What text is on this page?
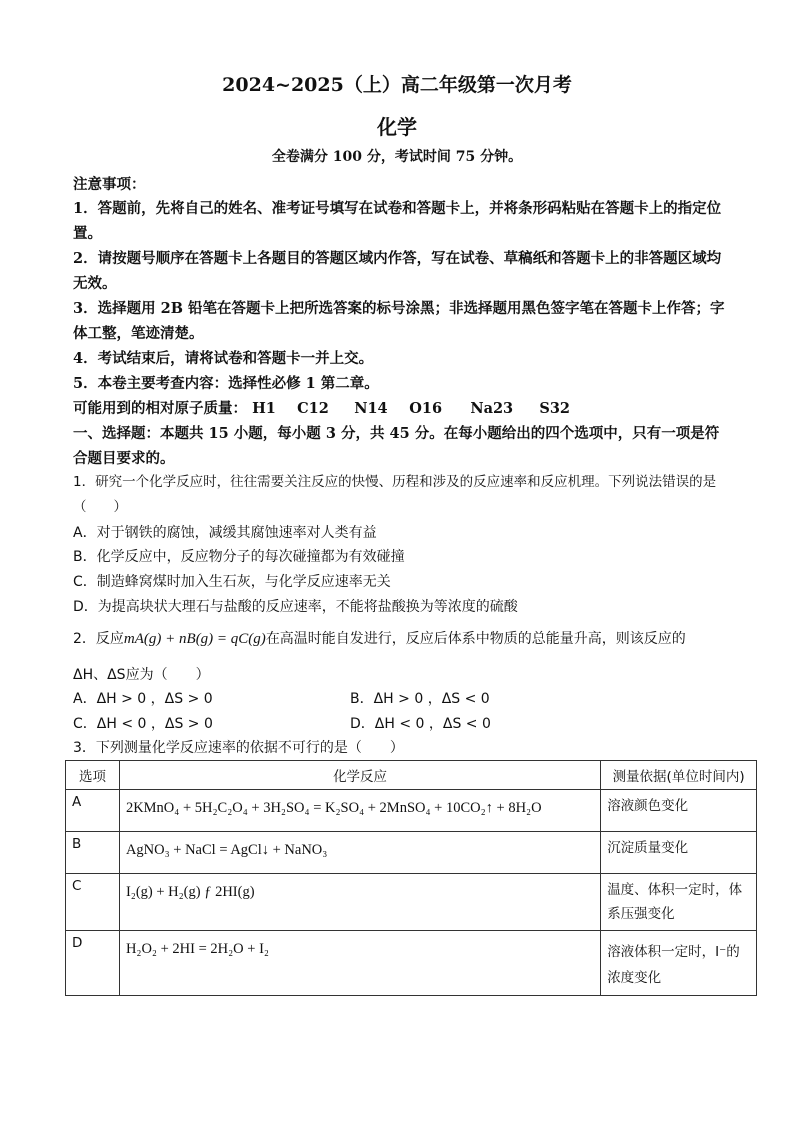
2024~2025（上）高二年级第一次月考
化学
全卷满分 100 分，考试时间 75 分钟。
注意事项：
1．答题前，先将自己的姓名、准考证号填写在试卷和答题卡上，并将条形码粘贴在答题卡上的指定位置。
2．请按题号顺序在答题卡上各题目的答题区域内作答，写在试卷、草稿纸和答题卡上的非答题区域均无效。
3．选择题用 2B 铅笔在答题卡上把所选答案的标号涂黑；非选择题用黑色签字笔在答题卡上作答；字体工整，笔迹清楚。
4．考试结束后，请将试卷和答题卡一并上交。
5．本卷主要考查内容：选择性必修 1 第二章。
可能用到的相对原子质量： H1 C12 N14 O16 Na23 S32
一、选择题：本题共 15 小题，每小题 3 分，共 45 分。在每小题给出的四个选项中，只有一项是符合题目要求的。
1．研究一个化学反应时，往往需要关注反应的快慢、历程和涉及的反应速率和反应机理。下列说法错误的是（　　）
A．对于钢铁的腐蚀，减缓其腐蚀速率对人类有益
B．化学反应中，反应物分子的每次碰撞都为有效碰撞
C．制造蜂窝煤时加入生石灰，与化学反应速率无关
D．为提高块状大理石与盐酸的反应速率，不能将盐酸换为等浓度的硫酸
2．反应mA(g) + nB(g) = qC(g)在高温时能自发进行，反应后体系中物质的总能量升高，则该反应的
ΔH、ΔS应为（　　）
A．ΔH > 0 ，ΔS > 0	B．ΔH > 0 ，ΔS < 0
C．ΔH < 0 ，ΔS > 0	D．ΔH < 0 ，ΔS < 0
3．下列测量化学反应速率的依据不可行的是（　　）
选项	化学反应	测量依据(单位时间内)
A	2KMnO₄ + 5H₂C₂O₄ + 3H₂SO₄ = K₂SO₄ + 2MnSO₄ + 10CO₂↑ + 8H₂O	溶液颜色变化
B	AgNO₃ + NaCl = AgCl↓ + NaNO₃	沉淀质量变化
C	I₂(g) + H₂(g) ƒ 2HI(g)	温度、体积一定时，体系压强变化
D	H₂O₂ + 2HI = 2H₂O + I₂	溶液体积一定时，I⁻的浓度变化
